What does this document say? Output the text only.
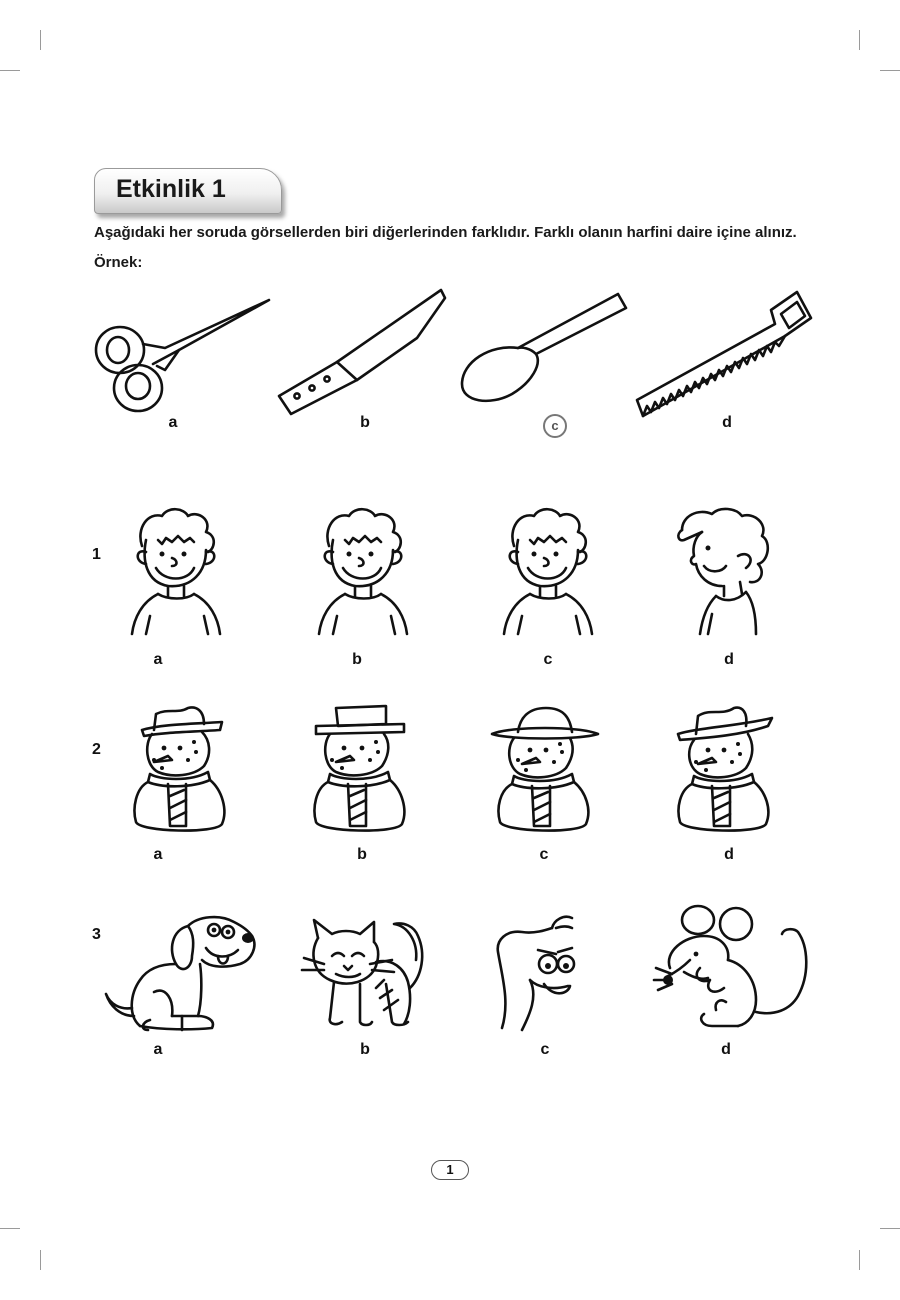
Etkinlik 1
Aşağıdaki her soruda görsellerden biri diğerlerinden farklıdır. Farklı olanın harfini daire içine alınız.
Örnek:
a	b	c	d
1
a	b	c	d
2
a	b	c	d
3
a	b	c	d
1
